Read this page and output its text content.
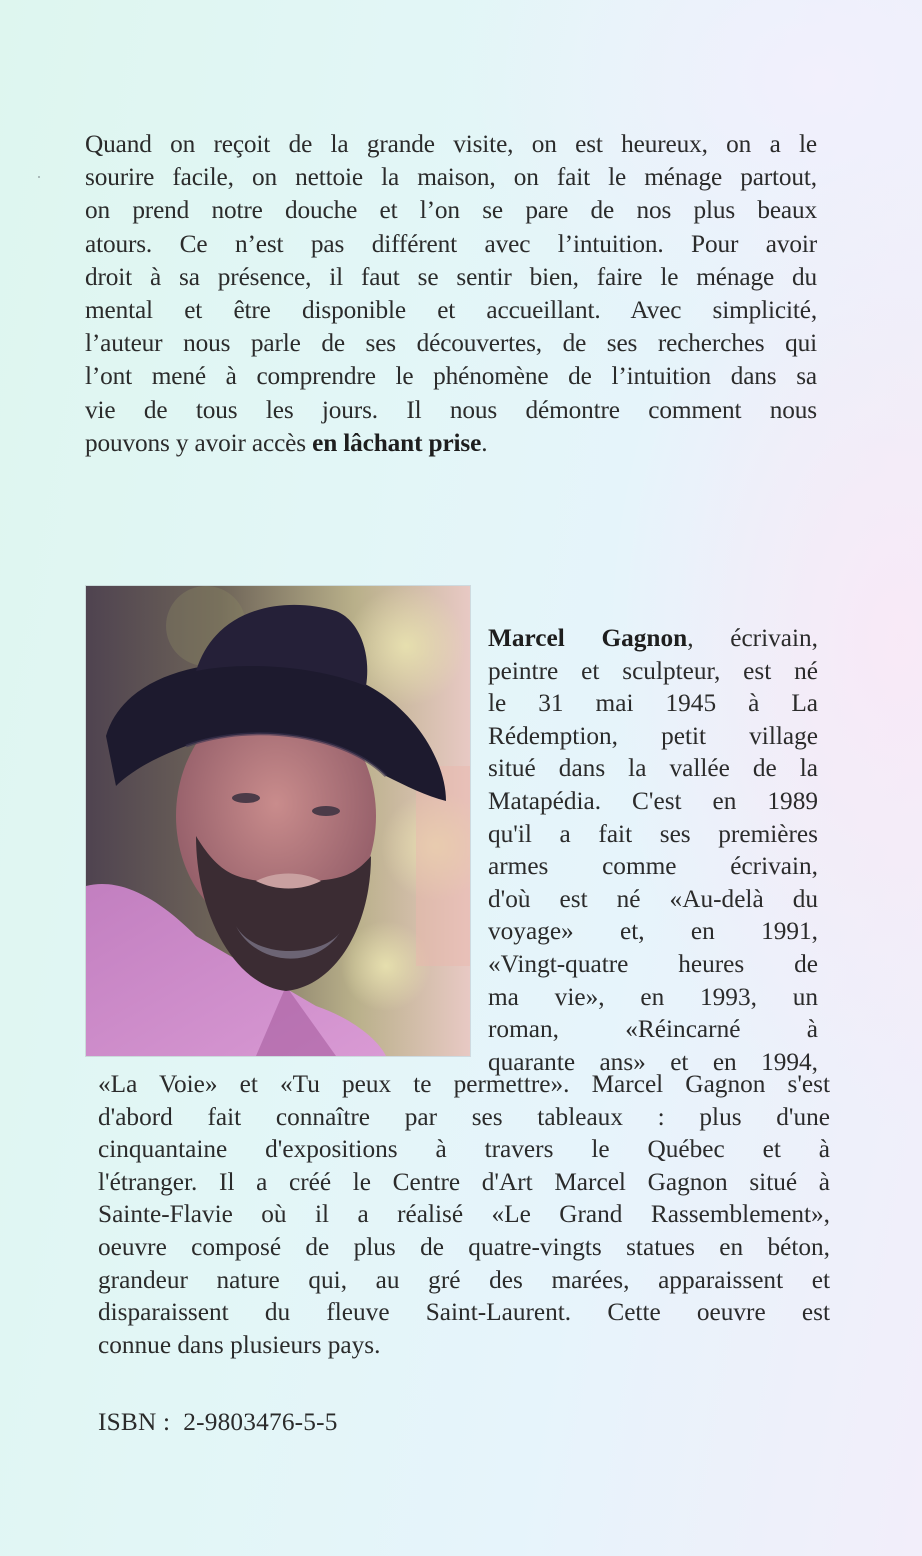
Quand on reçoit de la grande visite, on est heureux, on a le
sourire facile, on nettoie la maison, on fait le ménage partout,
on prend notre douche et l’on se pare de nos plus beaux
atours. Ce n’est pas différent avec l’intuition. Pour avoir
droit à sa présence, il faut se sentir bien, faire le ménage du
mental et être disponible et accueillant. Avec simplicité,
l’auteur nous parle de ses découvertes, de ses recherches qui
l’ont mené à comprendre le phénomène de l’intuition dans sa
vie de tous les jours. Il nous démontre comment nous
pouvons y avoir accès en lâchant prise.
Marcel Gagnon, écrivain,
peintre et sculpteur, est né
le 31 mai 1945 à La
Rédemption, petit village
situé dans la vallée de la
Matapédia. C'est en 1989
qu'il a fait ses premières
armes comme écrivain,
d'où est né «Au-delà du
voyage» et, en 1991,
«Vingt-quatre heures de
ma vie», en 1993, un
roman, «Réincarné à
quarante ans» et en 1994,
«La Voie» et «Tu peux te permettre». Marcel Gagnon s'est
d'abord fait connaître par ses tableaux : plus d'une
cinquantaine d'expositions à travers le Québec et à
l'étranger. Il a créé le Centre d'Art Marcel Gagnon situé à
Sainte-Flavie où il a réalisé «Le Grand Rassemblement»,
oeuvre composé de plus de quatre-vingts statues en béton,
grandeur nature qui, au gré des marées, apparaissent et
disparaissent du fleuve Saint-Laurent. Cette oeuvre est
connue dans plusieurs pays.
ISBN : 2-9803476-5-5
